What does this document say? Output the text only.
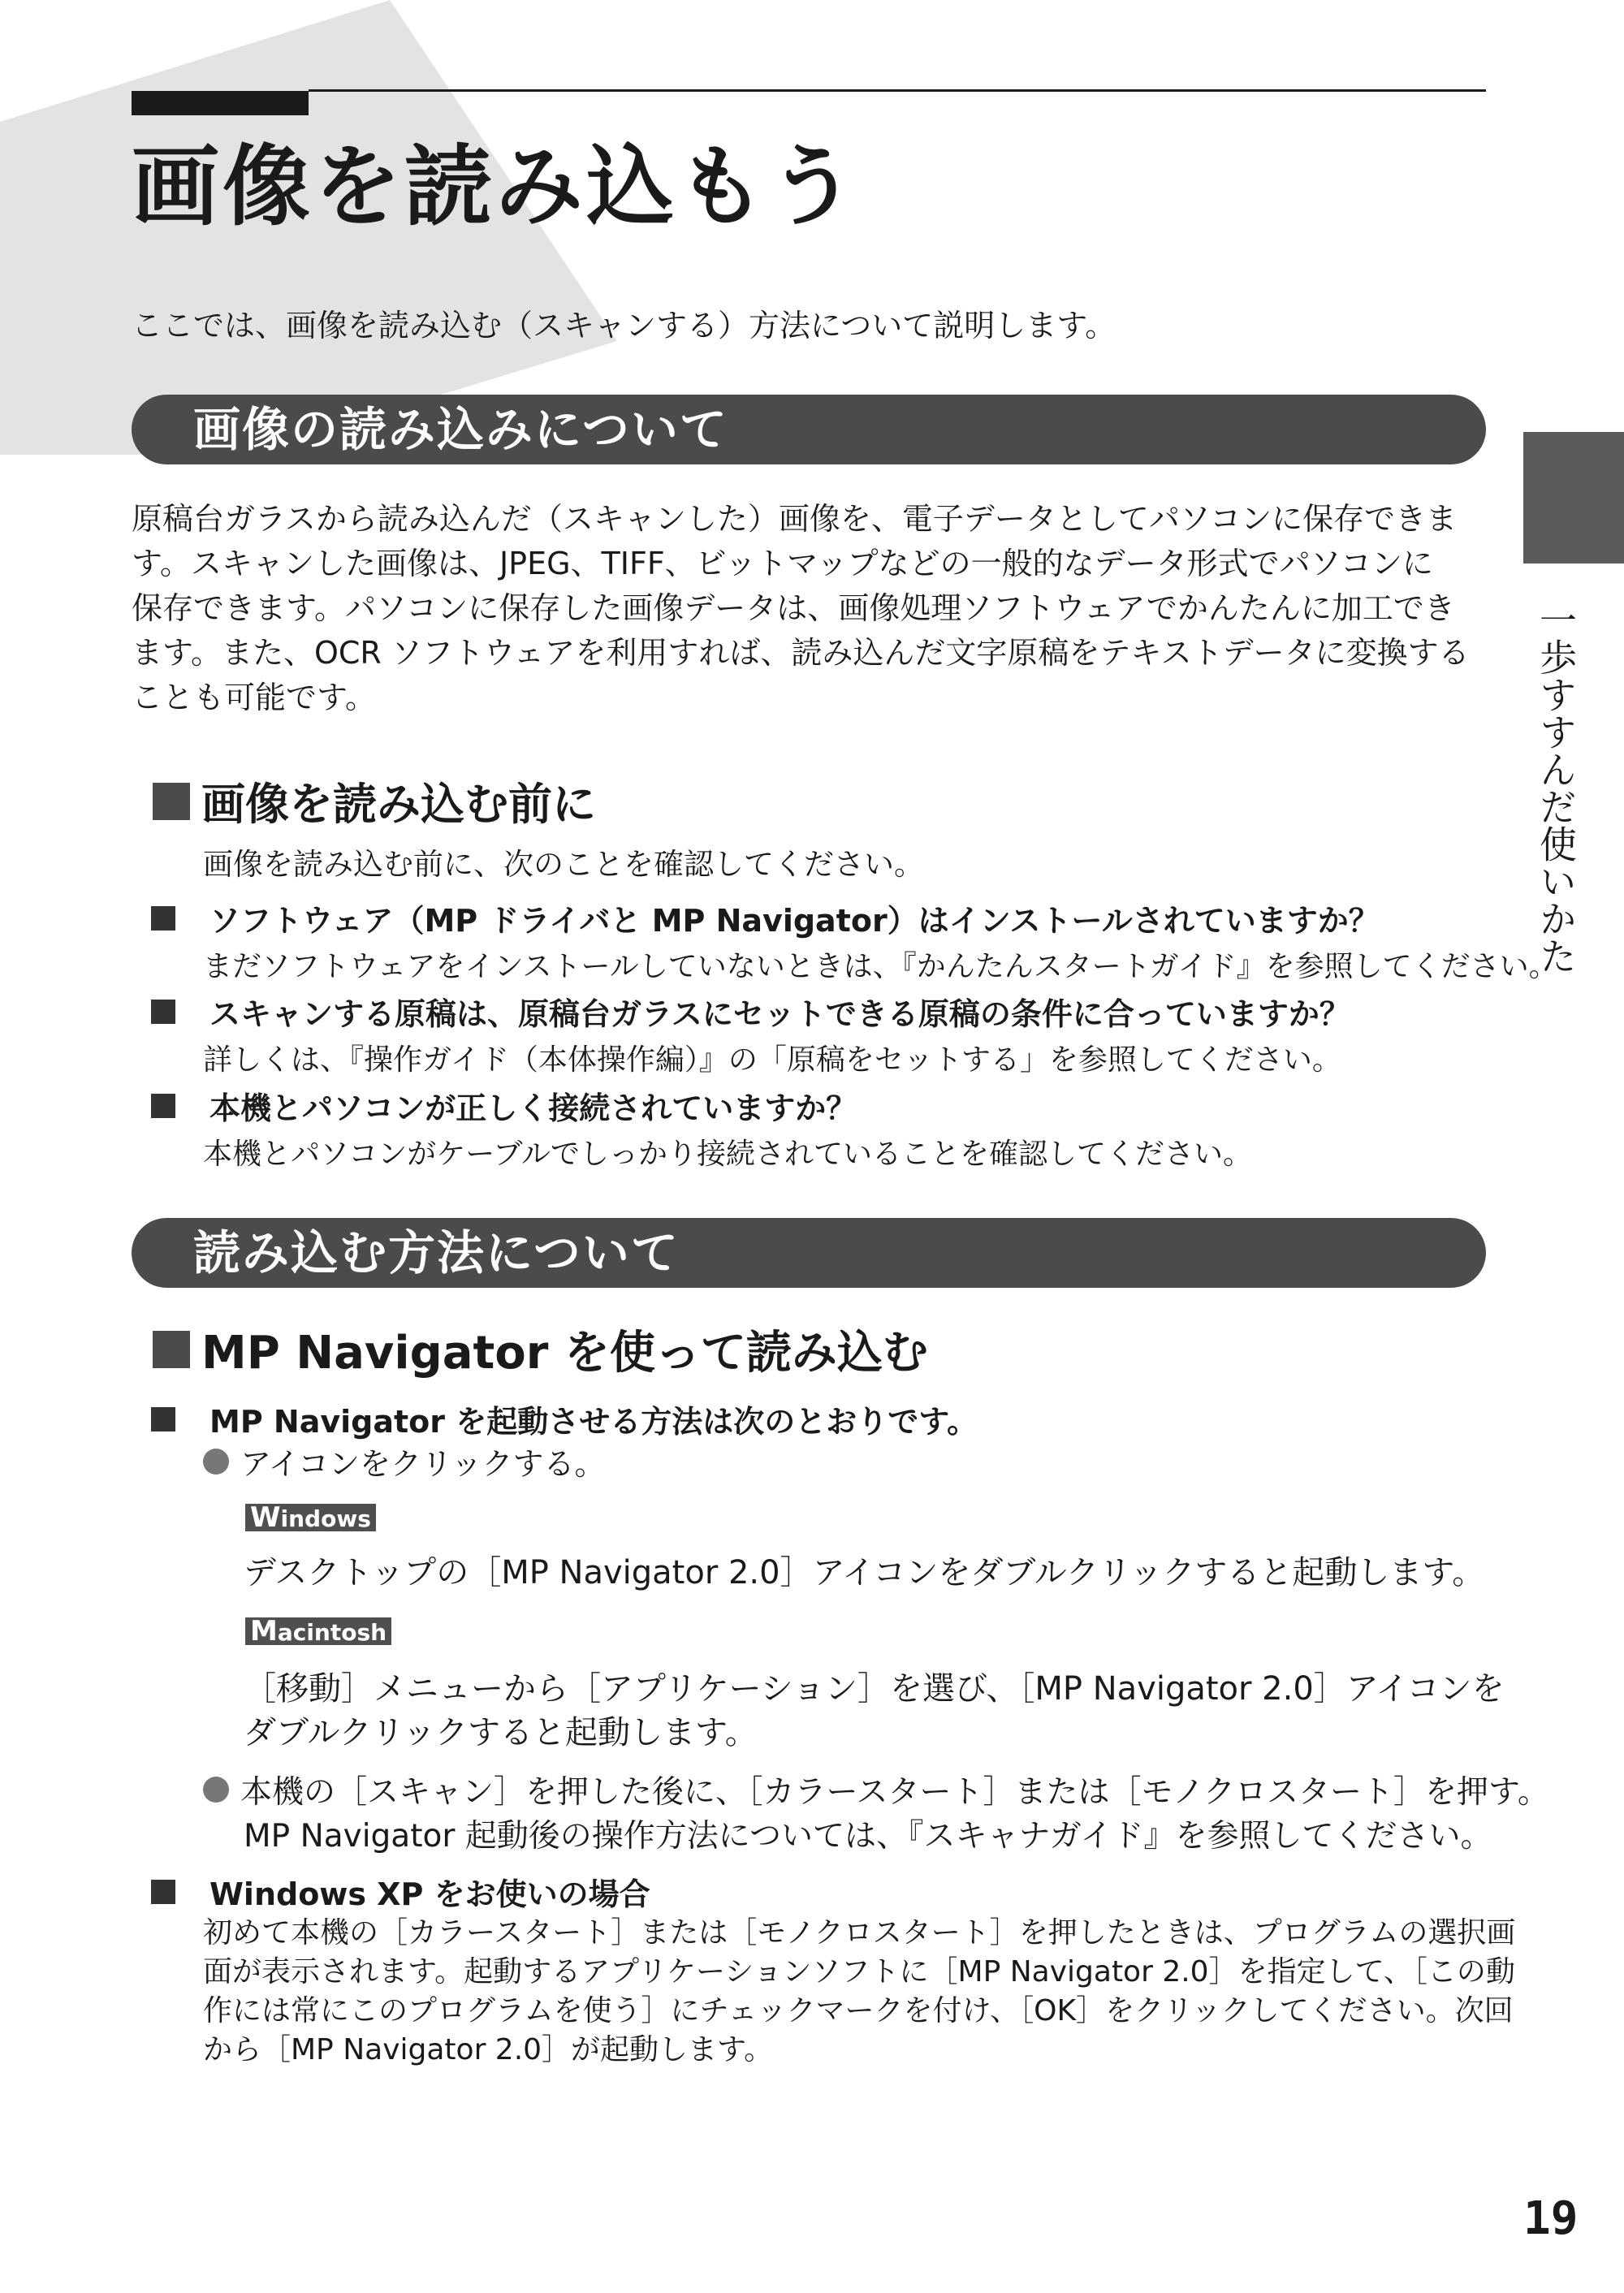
画像を読み込もう
ここでは、画像を読み込む（スキャンする）方法について説明します。
画像の読み込みについて
原稿台ガラスから読み込んだ（スキャンした）画像を、電子データとしてパソコンに保存できま
す。スキャンした画像は、JPEG、TIFF、ビットマップなどの一般的なデータ形式でパソコンに
保存できます。パソコンに保存した画像データは、画像処理ソフトウェアでかんたんに加工でき
ます。また、OCR ソフトウェアを利用すれば、読み込んだ文字原稿をテキストデータに変換する
ことも可能です。
画像を読み込む前に
画像を読み込む前に、次のことを確認してください。
ソフトウェア（MP ドライバと MP Navigator）はインストールされていますか？
まだソフトウェアをインストールしていないときは、『かんたんスタートガイド』を参照してください。
スキャンする原稿は、原稿台ガラスにセットできる原稿の条件に合っていますか？
詳しくは、『操作ガイド（本体操作編）』の「原稿をセットする」を参照してください。
本機とパソコンが正しく接続されていますか？
本機とパソコンがケーブルでしっかり接続されていることを確認してください。
読み込む方法について
MP Navigator を使って読み込む
MP Navigator を起動させる方法は次のとおりです。
アイコンをクリックする。
Windows
デスクトップの［MP Navigator 2.0］アイコンをダブルクリックすると起動します。
Macintosh
［移動］メニューから［アプリケーション］を選び、［MP Navigator 2.0］アイコンを
ダブルクリックすると起動します。
本機の［スキャン］を押した後に、［カラースタート］または［モノクロスタート］を押す。
MP Navigator 起動後の操作方法については、『スキャナガイド』を参照してください。
Windows XP をお使いの場合
初めて本機の［カラースタート］または［モノクロスタート］を押したときは、プログラムの選択画
面が表示されます。起動するアプリケーションソフトに［MP Navigator 2.0］を指定して、［この動
作には常にこのプログラムを使う］にチェックマークを付け、［OK］をクリックしてください。次回
から［MP Navigator 2.0］が起動します。
一歩すすんだ使いかた
19
